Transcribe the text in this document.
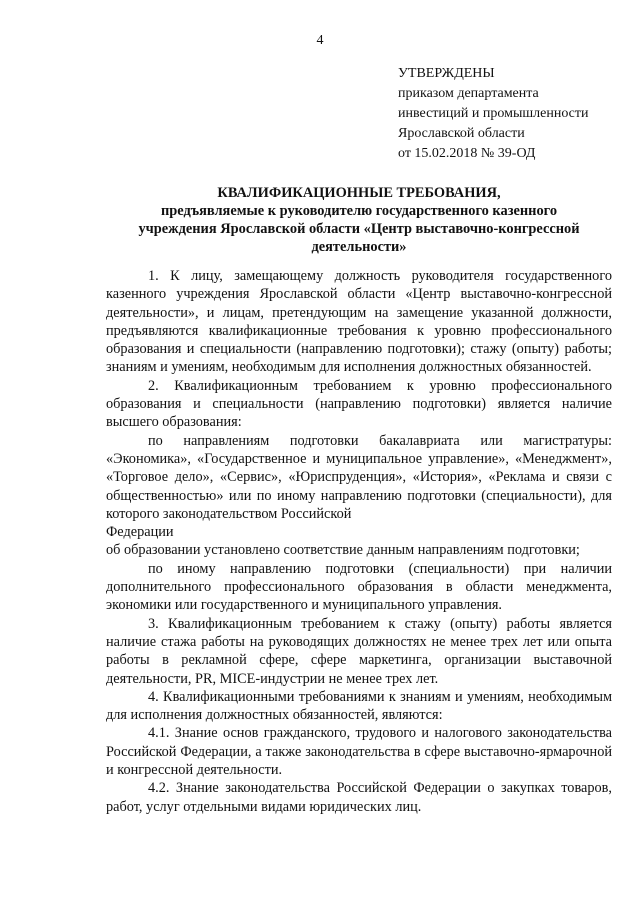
4
УТВЕРЖДЕНЫ
приказом департамента
инвестиций и промышленности
Ярославской области
от 15.02.2018 № 39-ОД
КВАЛИФИКАЦИОННЫЕ ТРЕБОВАНИЯ,
предъявляемые к руководителю государственного казенного
учреждения Ярославской области «Центр выставочно-конгрессной
деятельности»

1. К лицу, замещающему должность руководителя государственного казенного учреждения Ярославской области «Центр выставочно-конгрессной деятельности», и лицам, претендующим на замещение указанной должности, предъявляются квалификационные требования к уровню профессионального образования и специальности (направлению подготовки); стажу (опыту) работы; знаниям и умениям, необходимым для исполнения должностных обязанностей.

2. Квалификационным требованием к уровню профессионального образования и специальности (направлению подготовки) является наличие высшего образования:

по направлениям подготовки бакалавриата или магистратуры: «Экономика», «Государственное и муниципальное управление», «Менеджмент», «Торговое дело», «Сервис», «Юриспруденция», «История», «Реклама и связи с общественностью» или по иному направлению подготовки (специальности), для которого законодательством Российской

Федерации

об образовании установлено соответствие данным направлениям подготовки;

по иному направлению подготовки (специальности) при наличии дополнительного профессионального образования в области менеджмента, экономики или государственного и муниципального управления.

3. Квалификационным требованием к стажу (опыту) работы является наличие стажа работы на руководящих должностях не менее трех лет или опыта работы в рекламной сфере, сфере маркетинга, организации выставочной деятельности, PR, MICE-индустрии не менее трех лет.

4. Квалификационными требованиями к знаниям и умениям, необходимым для исполнения должностных обязанностей, являются:

4.1. Знание основ гражданского, трудового и налогового законодательства Российской Федерации, а также законодательства в сфере выставочно-ярмарочной и конгрессной деятельности.

4.2. Знание законодательства Российской Федерации о закупках товаров, работ, услуг отдельными видами юридических лиц.
